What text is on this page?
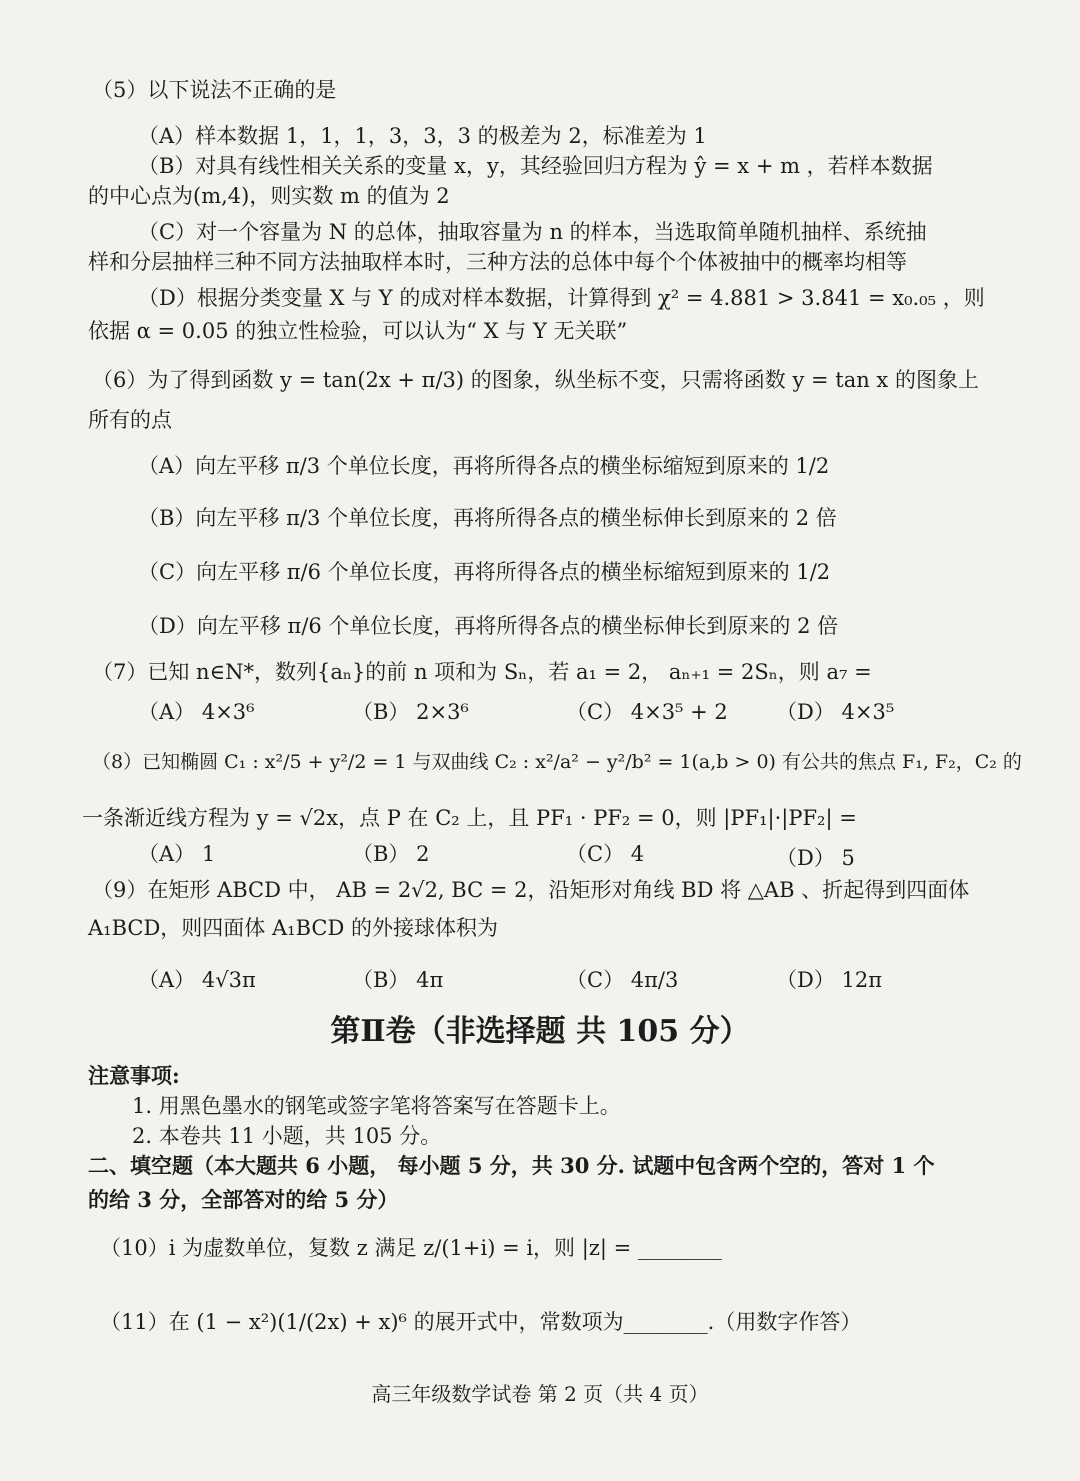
（5）以下说法不正确的是
（A）样本数据 1，1，1，3，3，3 的极差为 2，标准差为 1
（B）对具有线性相关关系的变量 x，y，其经验回归方程为 ŷ = x + m ，若样本数据
的中心点为(m,4)，则实数 m 的值为 2
（C）对一个容量为 N 的总体，抽取容量为 n 的样本，当选取简单随机抽样、系统抽
样和分层抽样三种不同方法抽取样本时，三种方法的总体中每个个体被抽中的概率均相等
（D）根据分类变量 X 与 Y 的成对样本数据，计算得到 χ² = 4.881 > 3.841 = x₀.₀₅ ，则
依据 α = 0.05 的独立性检验，可以认为“ X 与 Y 无关联”
（6）为了得到函数 y = tan(2x + π/3) 的图象，纵坐标不变，只需将函数 y = tan x 的图象上
所有的点
（A）向左平移 π/3 个单位长度，再将所得各点的横坐标缩短到原来的 1/2
（B）向左平移 π/3 个单位长度，再将所得各点的横坐标伸长到原来的 2 倍
（C）向左平移 π/6 个单位长度，再将所得各点的横坐标缩短到原来的 1/2
（D）向左平移 π/6 个单位长度，再将所得各点的横坐标伸长到原来的 2 倍
（7）已知 n∈N*，数列{aₙ}的前 n 项和为 Sₙ，若 a₁ = 2， aₙ₊₁ = 2Sₙ，则 a₇ =
（A） 4×3⁶	（B） 2×3⁶	（C） 4×3⁵ + 2 （D） 4×3⁵
（8）已知椭圆 C₁ : x²/5 + y²/2 = 1 与双曲线 C₂ : x²/a² − y²/b² = 1(a,b > 0) 有公共的焦点 F₁, F₂，C₂ 的
一条渐近线方程为 y = √2x，点 P 在 C₂ 上，且 PF₁ · PF₂ = 0，则 |PF₁|·|PF₂| =
（A） 1	（B） 2	（C） 4	（D） 5
（9）在矩形 ABCD 中， AB = 2√2, BC = 2，沿矩形对角线 BD 将 △AB 、折起得到四面体
A₁BCD，则四面体 A₁BCD 的外接球体积为
（A） 4√3π	（B） 4π	（C） 4π/3	（D） 12π
第Ⅱ卷（非选择题 共 105 分）
注意事项:
1. 用黑色墨水的钢笔或签字笔将答案写在答题卡上。
2. 本卷共 11 小题，共 105 分。
二、填空题（本大题共 6 小题， 每小题 5 分，共 30 分. 试题中包含两个空的，答对 1 个
的给 3 分，全部答对的给 5 分）
（10）i 为虚数单位，复数 z 满足 z/(1+i) = i，则 |z| = ________
（11）在 (1 − x²)(1/(2x) + x)⁶ 的展开式中，常数项为________.（用数字作答）
高三年级数学试卷 第 2 页（共 4 页）
